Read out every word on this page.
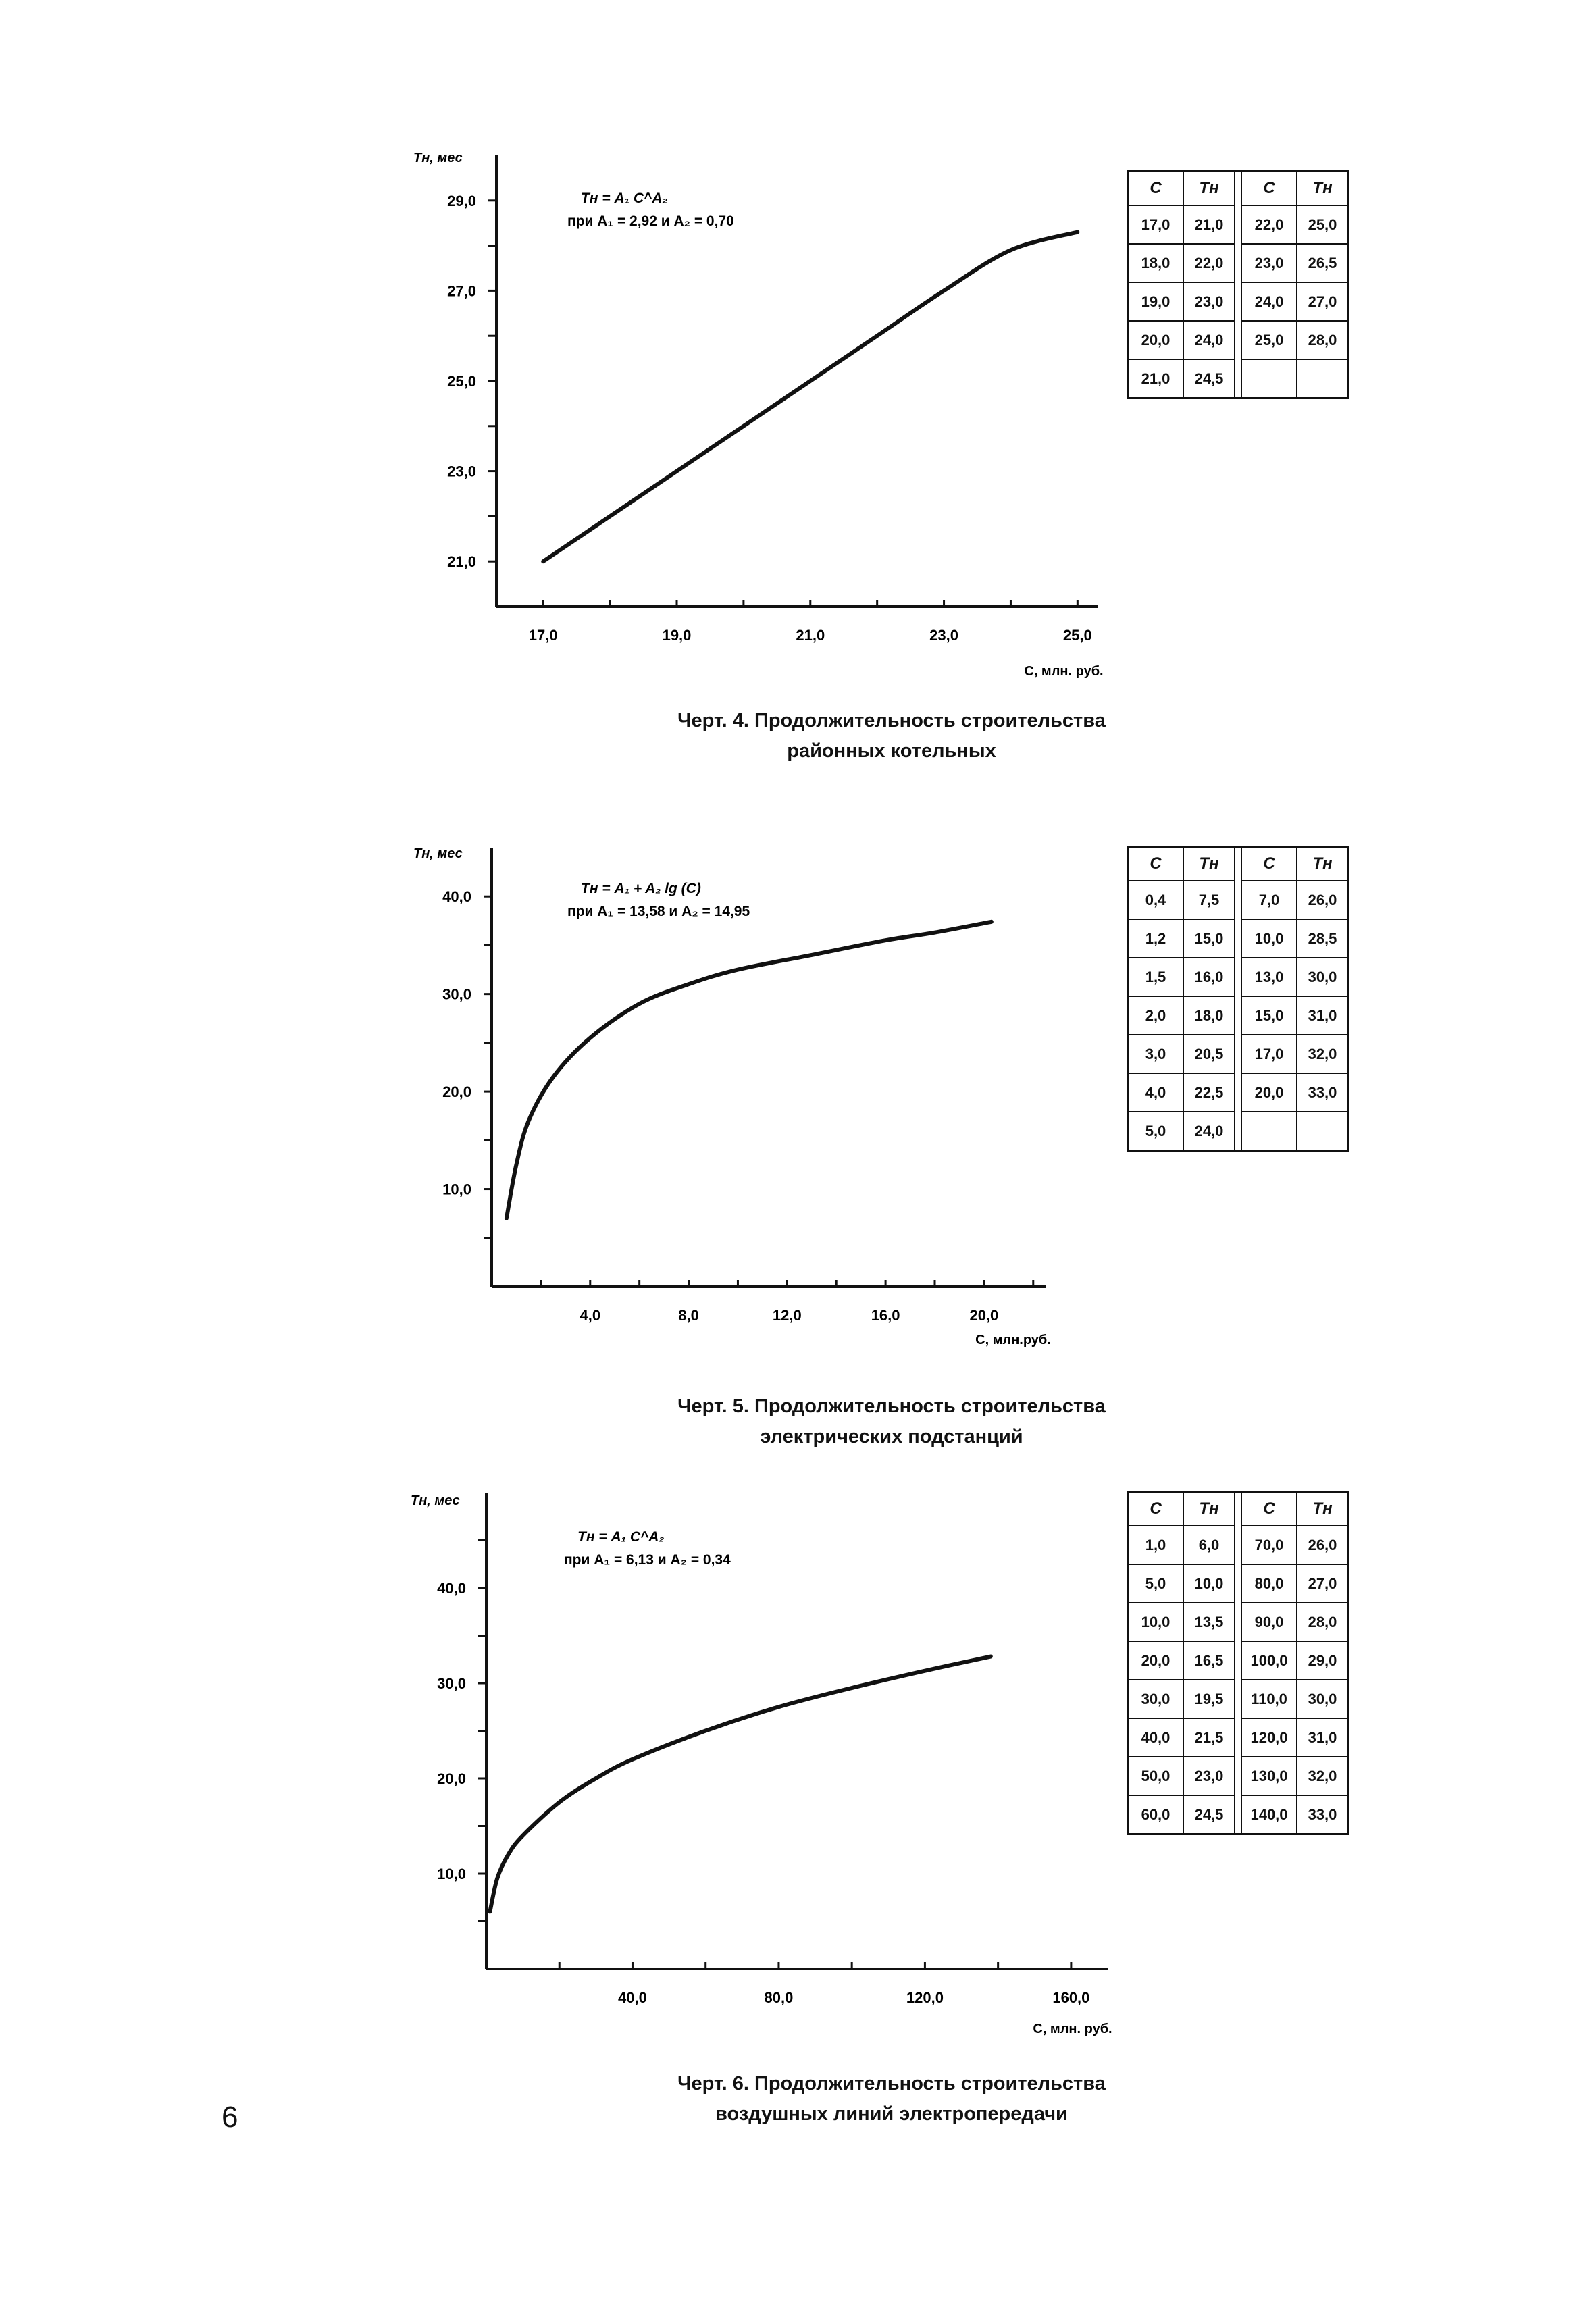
17,0	19,0	21,0	23,0	25,0
21,0
23,0
25,0
27,0
29,0
Tн, мес
С, млн. руб.
Tн = A₁ C^A₂
при A₁ = 2,92 и A₂ = 0,70
С	Tн		С	Tн
17,0	21,0		22,0	25,0
18,0	22,0		23,0	26,5
19,0	23,0		24,0	27,0
20,0	24,0		25,0	28,0
21,0	24,5			
Черт. 4. Продолжительность строительства
районных котельных
4,0	8,0	12,0	16,0	20,0
10,0
20,0
30,0
40,0
Tн, мес
С, млн.руб.
Tн = A₁ + A₂ lg (C)
при A₁ = 13,58 и A₂ = 14,95
С	Tн		С	Tн
0,4	7,5		7,0	26,0
1,2	15,0		10,0	28,5
1,5	16,0		13,0	30,0
2,0	18,0		15,0	31,0
3,0	20,5		17,0	32,0
4,0	22,5		20,0	33,0
5,0	24,0			
Черт. 5. Продолжительность строительства
электрических подстанций
40,0	80,0	120,0	160,0
10,0
20,0
30,0
40,0
Tн, мес
С, млн. руб.
Tн = A₁ C^A₂
при A₁ = 6,13 и A₂ = 0,34
С	Tн		С	Tн
1,0	6,0		70,0	26,0
5,0	10,0		80,0	27,0
10,0	13,5		90,0	28,0
20,0	16,5		100,0	29,0
30,0	19,5		110,0	30,0
40,0	21,5		120,0	31,0
50,0	23,0		130,0	32,0
60,0	24,5		140,0	33,0
Черт. 6. Продолжительность строительства
воздушных линий электропередачи
6
